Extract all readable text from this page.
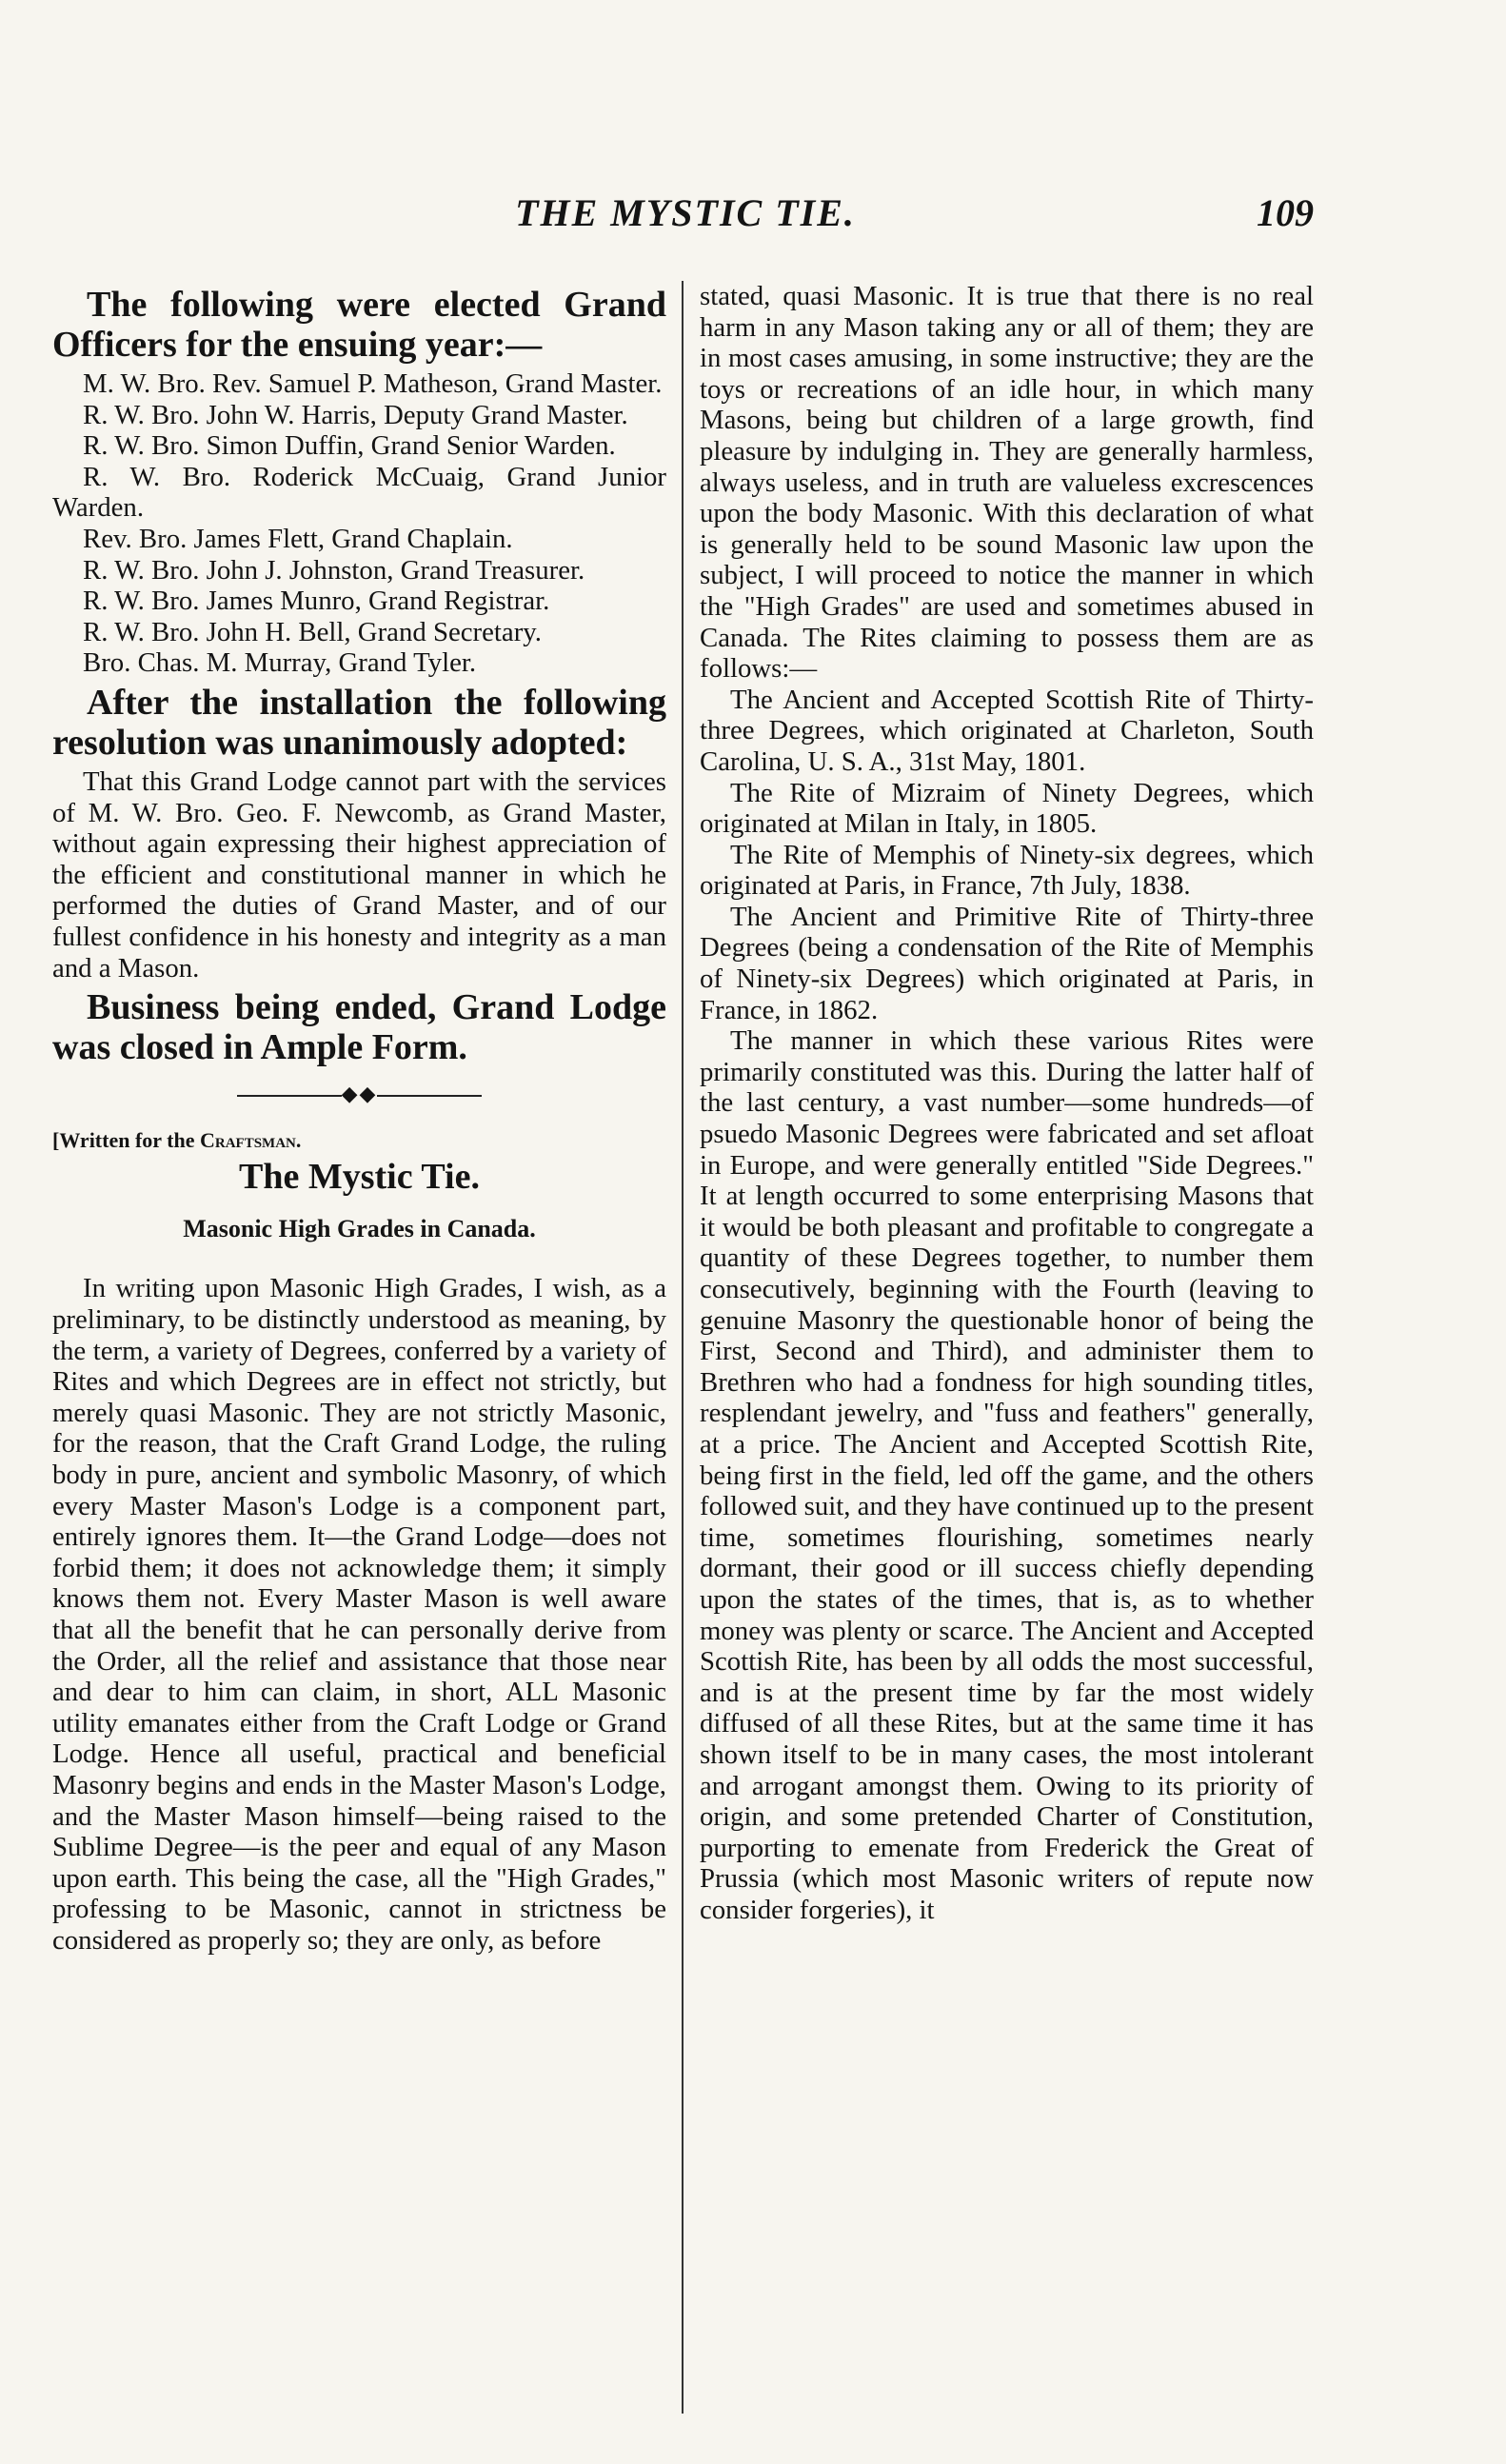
THE MYSTIC TIE.	109

The following were elected Grand Officers for the ensuing year:—

M. W. Bro. Rev. Samuel P. Matheson, Grand Master.

R. W. Bro. John W. Harris, Deputy Grand Master.

R. W. Bro. Simon Duffin, Grand Senior Warden.

R. W. Bro. Roderick McCuaig, Grand Junior Warden.

Rev. Bro. James Flett, Grand Chaplain.

R. W. Bro. John J. Johnston, Grand Treasurer.

R. W. Bro. James Munro, Grand Registrar.

R. W. Bro. John H. Bell, Grand Secretary.

Bro. Chas. M. Murray, Grand Tyler.

After the installation the following resolution was unanimously adopted:

That this Grand Lodge cannot part with the services of M. W. Bro. Geo. F. Newcomb, as Grand Master, without again expressing their highest appreciation of the efficient and constitutional manner in which he performed the duties of Grand Master, and of our fullest confidence in his honesty and integrity as a man and a Mason.

Business being ended, Grand Lodge was closed in Ample Form.

◆◆

[Written for the Craftsman.

The Mystic Tie.

Masonic High Grades in Canada.

In writing upon Masonic High Grades, I wish, as a preliminary, to be distinctly understood as meaning, by the term, a variety of Degrees, conferred by a variety of Rites and which Degrees are in effect not strictly, but merely quasi Masonic. They are not strictly Masonic, for the reason, that the Craft Grand Lodge, the ruling body in pure, ancient and symbolic Masonry, of which every Master Mason's Lodge is a component part, entirely ignores them. It—the Grand Lodge—does not forbid them; it does not acknowledge them; it simply knows them not. Every Master Mason is well aware that all the benefit that he can personally derive from the Order, all the relief and assistance that those near and dear to him can claim, in short, ALL Masonic utility emanates either from the Craft Lodge or Grand Lodge. Hence all useful, practical and beneficial Masonry begins and ends in the Master Mason's Lodge, and the Master Mason himself—being raised to the Sublime Degree—is the peer and equal of any Mason upon earth. This being the case, all the "High Grades," professing to be Masonic, cannot in strictness be considered as properly so; they are only, as before

stated, quasi Masonic. It is true that there is no real harm in any Mason taking any or all of them; they are in most cases amusing, in some instructive; they are the toys or recreations of an idle hour, in which many Masons, being but children of a large growth, find pleasure by indulging in. They are generally harmless, always useless, and in truth are valueless excrescences upon the body Masonic. With this declaration of what is generally held to be sound Masonic law upon the subject, I will proceed to notice the manner in which the "High Grades" are used and sometimes abused in Canada. The Rites claiming to possess them are as follows:—

The Ancient and Accepted Scottish Rite of Thirty-three Degrees, which originated at Charleton, South Carolina, U. S. A., 31st May, 1801.

The Rite of Mizraim of Ninety Degrees, which originated at Milan in Italy, in 1805.

The Rite of Memphis of Ninety-six degrees, which originated at Paris, in France, 7th July, 1838.

The Ancient and Primitive Rite of Thirty-three Degrees (being a condensation of the Rite of Memphis of Ninety-six Degrees) which originated at Paris, in France, in 1862.

The manner in which these various Rites were primarily constituted was this. During the latter half of the last century, a vast number—some hundreds—of psuedo Masonic Degrees were fabricated and set afloat in Europe, and were generally entitled "Side Degrees." It at length occurred to some enterprising Masons that it would be both pleasant and profitable to congregate a quantity of these Degrees together, to number them consecutively, beginning with the Fourth (leaving to genuine Masonry the questionable honor of being the First, Second and Third), and administer them to Brethren who had a fondness for high sounding titles, resplendant jewelry, and "fuss and feathers" generally, at a price. The Ancient and Accepted Scottish Rite, being first in the field, led off the game, and the others followed suit, and they have continued up to the present time, sometimes flourishing, sometimes nearly dormant, their good or ill success chiefly depending upon the states of the times, that is, as to whether money was plenty or scarce. The Ancient and Accepted Scottish Rite, has been by all odds the most successful, and is at the present time by far the most widely diffused of all these Rites, but at the same time it has shown itself to be in many cases, the most intolerant and arrogant amongst them. Owing to its priority of origin, and some pretended Charter of Constitution, purporting to emenate from Frederick the Great of Prussia (which most Masonic writers of repute now consider forgeries), it
